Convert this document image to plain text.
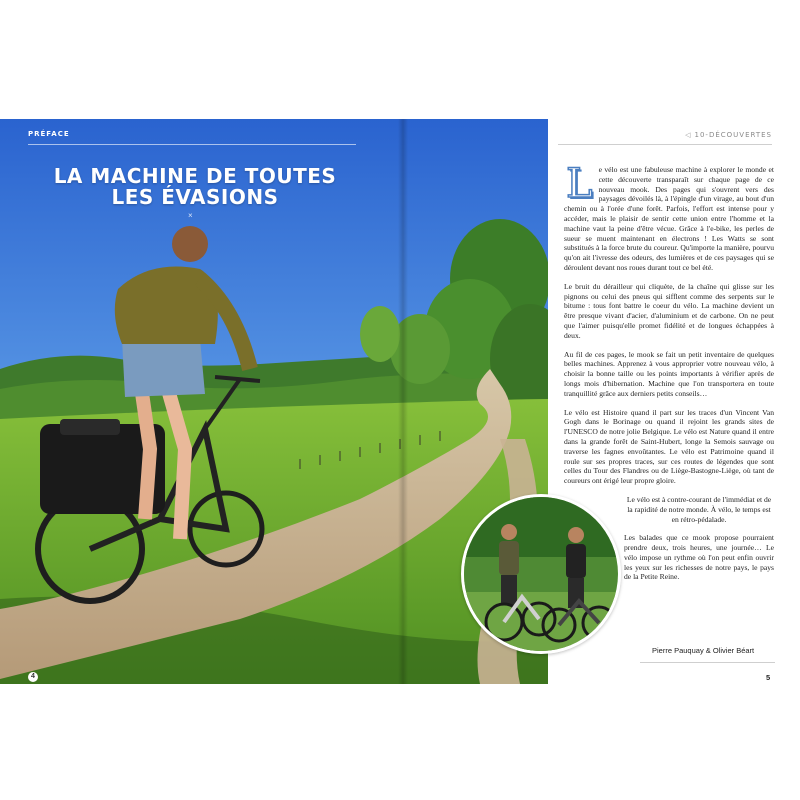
PRÉFACE
LA MACHINE DE TOUTES
LES ÉVASIONS
×
4
◁ 10-DÉCOUVERTES

Le vélo est une fabuleuse machine à explorer le monde et cette découverte transparaît sur chaque page de ce nouveau mook. Des pages qui s'ouvrent vers des paysages dévoilés là, à l'épingle d'un virage, au bout d'un chemin ou à l'orée d'une forêt. Parfois, l'effort est intense pour y accéder, mais le plaisir de sentir cette union entre l'homme et la machine vaut la peine d'être vécue. Grâce à l'e-bike, les perles de sueur se muent maintenant en électrons ! Les Watts se sont substitués à la force brute du coureur. Qu'importe la manière, pourvu qu'on ait l'ivresse des odeurs, des lumières et de ces paysages qui se déroulent devant nos roues durant tout ce bel été.

Le bruit du dérailleur qui cliquète, de la chaîne qui glisse sur les pignons ou celui des pneus qui sifflent comme des serpents sur le bitume : tous font battre le coeur du vélo. La machine devient un être presque vivant d'acier, d'aluminium et de carbone. On ne peut que l'aimer puisqu'elle promet fidélité et de longues échappées à deux.

Au fil de ces pages, le mook se fait un petit inventaire de quelques belles machines. Apprenez à vous approprier votre nouveau vélo, à choisir la bonne taille ou les points importants à vérifier après de longs mois d'hibernation. Machine que l'on transportera en toute tranquillité grâce aux derniers petits conseils…

Le vélo est Histoire quand il part sur les traces d'un Vincent Van Gogh dans le Borinage ou quand il rejoint les grands sites de l'UNESCO de notre jolie Belgique. Le vélo est Nature quand il entre dans la grande forêt de Saint-Hubert, longe la Semois sauvage ou traverse les fagnes envoûtantes. Le vélo est Patrimoine quand il roule sur ses propres traces, sur ces routes de légendes que sont celles du Tour des Flandres ou de Liège-Bastogne-Liège, où tant de coureurs ont érigé leur propre gloire.

Le vélo est à contre-courant de l'immédiat et de la rapidité de notre monde. À vélo, le temps est en rétro-pédalade.

Les balades que ce mook propose pourraient prendre deux, trois heures, une journée… Le vélo impose un rythme où l'on peut enfin ouvrir les yeux sur les richesses de notre pays, le pays de la Petite Reine.

Pierre Pauquay & Olivier Béart
5
